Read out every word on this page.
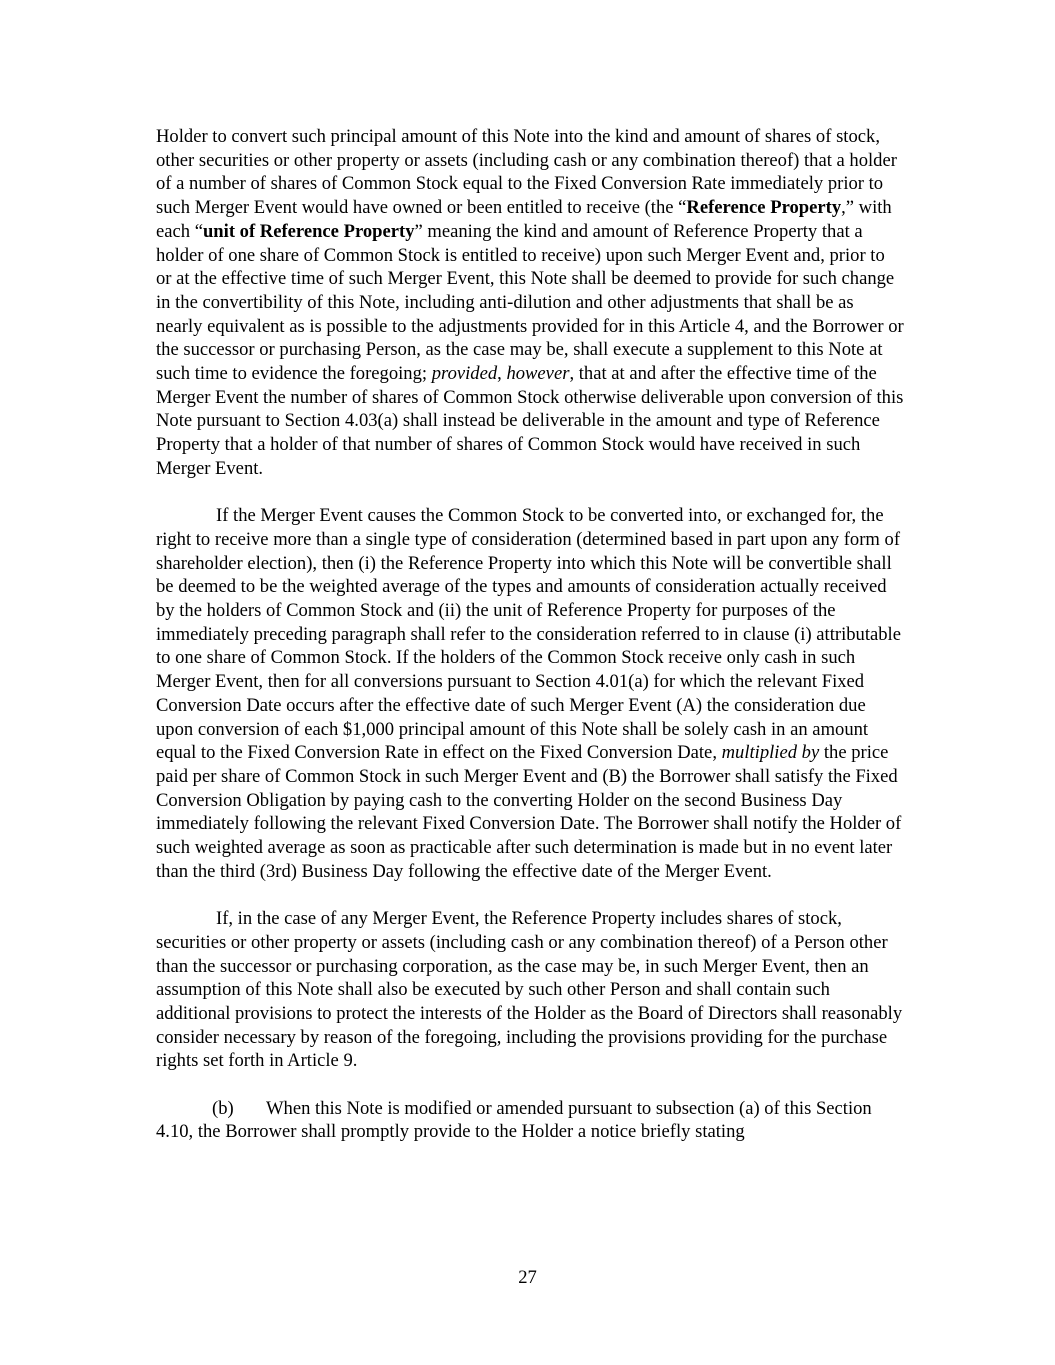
Holder to convert such principal amount of this Note into the kind and amount of shares of stock, other securities or other property or assets (including cash or any combination thereof) that a holder of a number of shares of Common Stock equal to the Fixed Conversion Rate immediately prior to such Merger Event would have owned or been entitled to receive (the “Reference Property,” with each “unit of Reference Property” meaning the kind and amount of Reference Property that a holder of one share of Common Stock is entitled to receive) upon such Merger Event and, prior to or at the effective time of such Merger Event, this Note shall be deemed to provide for such change in the convertibility of this Note, including anti-dilution and other adjustments that shall be as nearly equivalent as is possible to the adjustments provided for in this Article 4, and the Borrower or the successor or purchasing Person, as the case may be, shall execute a supplement to this Note at such time to evidence the foregoing; provided, however, that at and after the effective time of the Merger Event the number of shares of Common Stock otherwise deliverable upon conversion of this Note pursuant to Section 4.03(a) shall instead be deliverable in the amount and type of Reference Property that a holder of that number of shares of Common Stock would have received in such Merger Event.

If the Merger Event causes the Common Stock to be converted into, or exchanged for, the right to receive more than a single type of consideration (determined based in part upon any form of shareholder election), then (i) the Reference Property into which this Note will be convertible shall be deemed to be the weighted average of the types and amounts of consideration actually received by the holders of Common Stock and (ii) the unit of Reference Property for purposes of the immediately preceding paragraph shall refer to the consideration referred to in clause (i) attributable to one share of Common Stock. If the holders of the Common Stock receive only cash in such Merger Event, then for all conversions pursuant to Section 4.01(a) for which the relevant Fixed Conversion Date occurs after the effective date of such Merger Event (A) the consideration due upon conversion of each $1,000 principal amount of this Note shall be solely cash in an amount equal to the Fixed Conversion Rate in effect on the Fixed Conversion Date, multiplied by the price paid per share of Common Stock in such Merger Event and (B) the Borrower shall satisfy the Fixed Conversion Obligation by paying cash to the converting Holder on the second Business Day immediately following the relevant Fixed Conversion Date. The Borrower shall notify the Holder of such weighted average as soon as practicable after such determination is made but in no event later than the third (3rd) Business Day following the effective date of the Merger Event.

If, in the case of any Merger Event, the Reference Property includes shares of stock, securities or other property or assets (including cash or any combination thereof) of a Person other than the successor or purchasing corporation, as the case may be, in such Merger Event, then an assumption of this Note shall also be executed by such other Person and shall contain such additional provisions to protect the interests of the Holder as the Board of Directors shall reasonably consider necessary by reason of the foregoing, including the provisions providing for the purchase rights set forth in Article 9.

(b) When this Note is modified or amended pursuant to subsection (a) of this Section 4.10, the Borrower shall promptly provide to the Holder a notice briefly stating

27
